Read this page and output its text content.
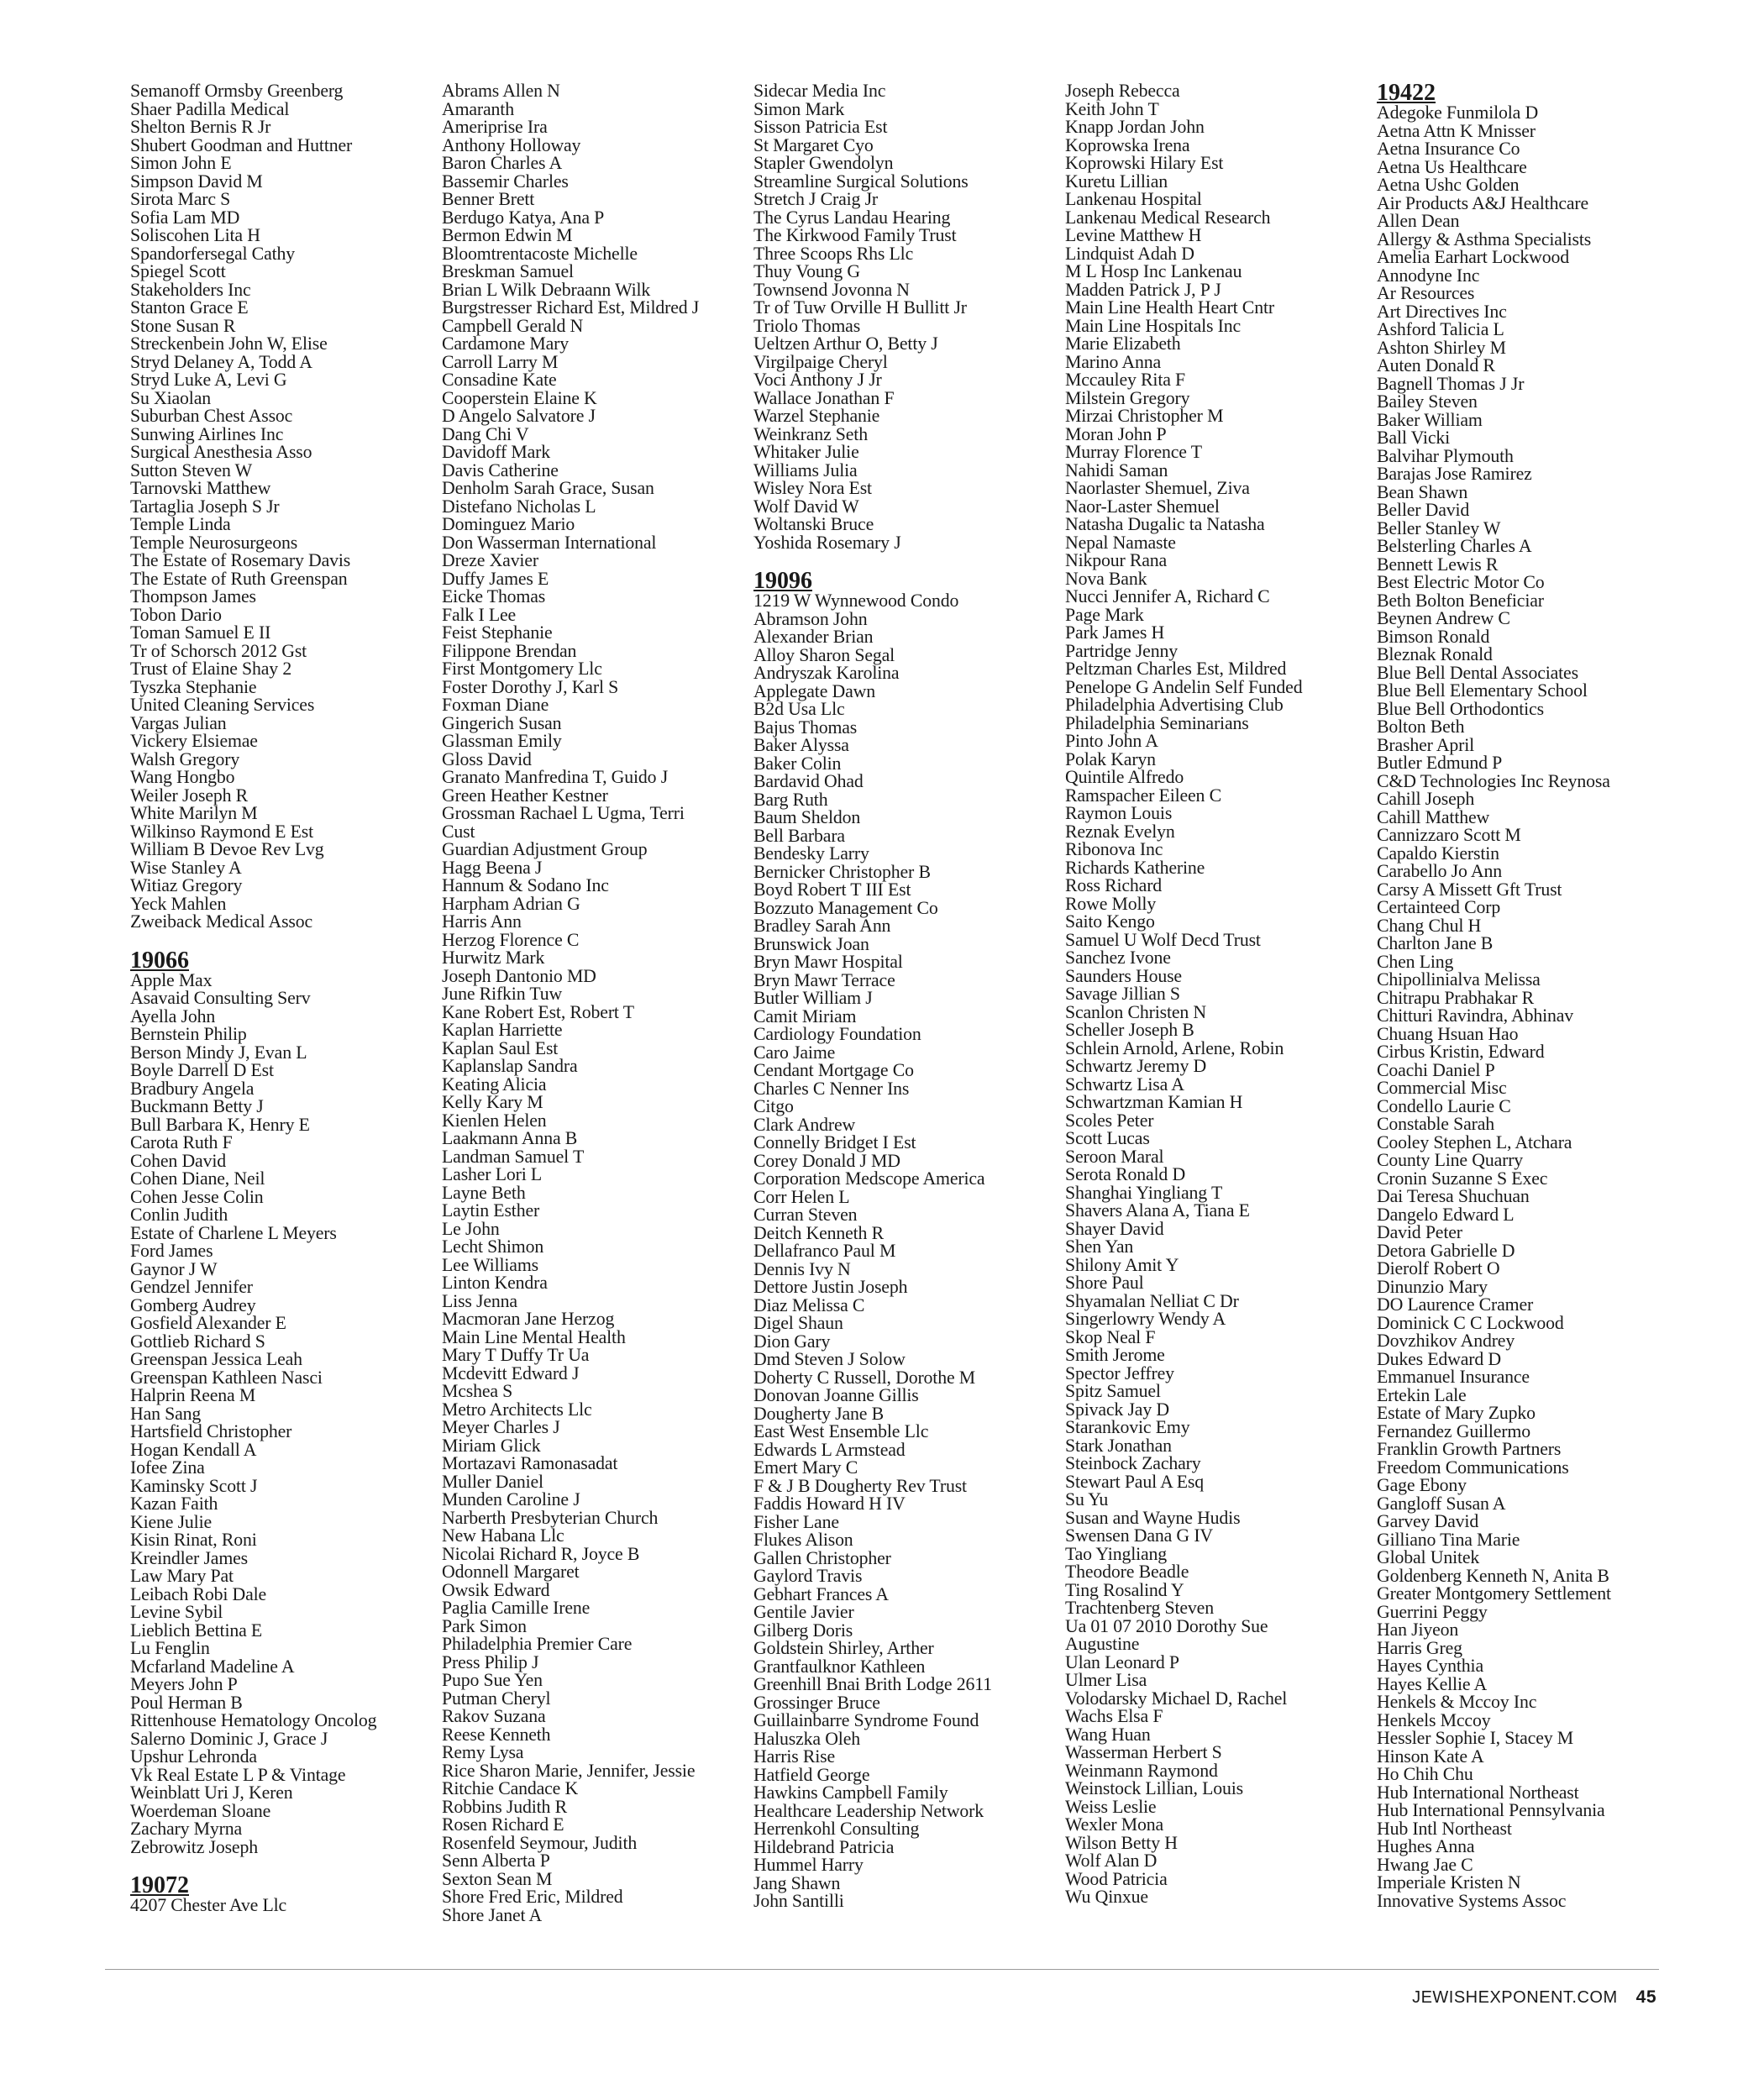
Semanoff Ormsby Greenberg
Shaer Padilla Medical
Shelton Bernis R Jr
Shubert Goodman and Huttner
Simon John E
Simpson David M
Sirota Marc S
Sofia Lam MD
Soliscohen Lita H
Spandorfersegal Cathy
Spiegel Scott
Stakeholders Inc
Stanton Grace E
Stone Susan R
Streckenbein John W, Elise
Stryd Delaney A, Todd A
Stryd Luke A, Levi G
Su Xiaolan
Suburban Chest Assoc
Sunwing Airlines Inc
Surgical Anesthesia Asso
Sutton Steven W
Tarnovski Matthew
Tartaglia Joseph S Jr
Temple Linda
Temple Neurosurgeons
The Estate of Rosemary Davis
The Estate of Ruth Greenspan
Thompson James
Tobon Dario
Toman Samuel E II
Tr of Schorsch 2012 Gst
Trust of Elaine Shay 2
Tyszka Stephanie
United Cleaning Services
Vargas Julian
Vickery Elsiemae
Walsh Gregory
Wang Hongbo
Weiler Joseph R
White Marilyn M
Wilkinso Raymond E Est
William B Devoe Rev Lvg
Wise Stanley A
Witiaz Gregory
Yeck Mahlen
Zweiback Medical Assoc
19066
Apple Max
Asavaid Consulting Serv
Ayella John
Bernstein Philip
Berson Mindy J, Evan L
Boyle Darrell D Est
Bradbury Angela
Buckmann Betty J
Bull Barbara K, Henry E
Carota Ruth F
Cohen David
Cohen Diane, Neil
Cohen Jesse Colin
Conlin Judith
Estate of Charlene L Meyers
Ford James
Gaynor J W
Gendzel Jennifer
Gomberg Audrey
Gosfield Alexander E
Gottlieb Richard S
Greenspan Jessica Leah
Greenspan Kathleen Nasci
Halprin Reena M
Han Sang
Hartsfield Christopher
Hogan Kendall A
Iofee Zina
Kaminsky Scott J
Kazan Faith
Kiene Julie
Kisin Rinat, Roni
Kreindler James
Law Mary Pat
Leibach Robi Dale
Levine Sybil
Lieblich Bettina E
Lu Fenglin
Mcfarland Madeline A
Meyers John P
Poul Herman B
Rittenhouse Hematology Oncolog
Salerno Dominic J, Grace J
Upshur Lehronda
Vk Real Estate L P & Vintage
Weinblatt Uri J, Keren
Woerdeman Sloane
Zachary Myrna
Zebrowitz Joseph
19072
4207 Chester Ave Llc
Abrams Allen N
Amaranth
Ameriprise Ira
Anthony Holloway
Baron Charles A
Bassemir Charles
Benner Brett
Berdugo Katya, Ana P
Bermon Edwin M
Bloomtrentacoste Michelle
Breskman Samuel
Brian L Wilk Debraann Wilk
Burgstresser Richard Est, Mildred J
Campbell Gerald N
Cardamone Mary
Carroll Larry M
Consadine Kate
Cooperstein Elaine K
D Angelo Salvatore J
Dang Chi V
Davidoff Mark
Davis Catherine
Denholm Sarah Grace, Susan
Distefano Nicholas L
Dominguez Mario
Don Wasserman International
Dreze Xavier
Duffy James E
Eicke Thomas
Falk I Lee
Feist Stephanie
Filippone Brendan
First Montgomery Llc
Foster Dorothy J, Karl S
Foxman Diane
Gingerich Susan
Glassman Emily
Gloss David
Granato Manfredina T, Guido J
Green Heather Kestner
Grossman Rachael L Ugma, Terri
Cust
Guardian Adjustment Group
Hagg Beena J
Hannum & Sodano Inc
Harpham Adrian G
Harris Ann
Herzog Florence C
Hurwitz Mark
Joseph Dantonio MD
June Rifkin Tuw
Kane Robert Est, Robert T
Kaplan Harriette
Kaplan Saul Est
Kaplanslap Sandra
Keating Alicia
Kelly Kary M
Kienlen Helen
Laakmann Anna B
Landman Samuel T
Lasher Lori L
Layne Beth
Laytin Esther
Le John
Lecht Shimon
Lee Williams
Linton Kendra
Liss Jenna
Macmoran Jane Herzog
Main Line Mental Health
Mary T Duffy Tr Ua
Mcdevitt Edward J
Mcshea S
Metro Architects Llc
Meyer Charles J
Miriam Glick
Mortazavi Ramonasadat
Muller Daniel
Munden Caroline J
Narberth Presbyterian Church
New Habana Llc
Nicolai Richard R, Joyce B
Odonnell Margaret
Owsik Edward
Paglia Camille Irene
Park Simon
Philadelphia Premier Care
Press Philip J
Pupo Sue Yen
Putman Cheryl
Rakov Suzana
Reese Kenneth
Remy Lysa
Rice Sharon Marie, Jennifer, Jessie
Ritchie Candace K
Robbins Judith R
Rosen Richard E
Rosenfeld Seymour, Judith
Senn Alberta P
Sexton Sean M
Shore Fred Eric, Mildred
Shore Janet A
Sidecar Media Inc
Simon Mark
Sisson Patricia Est
St Margaret Cyo
Stapler Gwendolyn
Streamline Surgical Solutions
Stretch J Craig Jr
The Cyrus Landau Hearing
The Kirkwood Family Trust
Three Scoops Rhs Llc
Thuy Voung G
Townsend Jovonna N
Tr of Tuw Orville H Bullitt Jr
Triolo Thomas
Ueltzen Arthur O, Betty J
Virgilpaige Cheryl
Voci Anthony J Jr
Wallace Jonathan F
Warzel Stephanie
Weinkranz Seth
Whitaker Julie
Williams Julia
Wisley Nora Est
Wolf David W
Woltanski Bruce
Yoshida Rosemary J
19096
1219 W Wynnewood Condo
Abramson John
Alexander Brian
Alloy Sharon Segal
Andryszak Karolina
Applegate Dawn
B2d Usa Llc
Bajus Thomas
Baker Alyssa
Baker Colin
Bardavid Ohad
Barg Ruth
Baum Sheldon
Bell Barbara
Bendesky Larry
Bernicker Christopher B
Boyd Robert T III Est
Bozzuto Management Co
Bradley Sarah Ann
Brunswick Joan
Bryn Mawr Hospital
Bryn Mawr Terrace
Butler William J
Camit Miriam
Cardiology Foundation
Caro Jaime
Cendant Mortgage Co
Charles C Nenner Ins
Citgo
Clark Andrew
Connelly Bridget I Est
Corey Donald J MD
Corporation Medscope America
Corr Helen L
Curran Steven
Deitch Kenneth R
Dellafranco Paul M
Dennis Ivy N
Dettore Justin Joseph
Diaz Melissa C
Digel Shaun
Dion Gary
Dmd Steven J Solow
Doherty C Russell, Dorothe M
Donovan Joanne Gillis
Dougherty Jane B
East West Ensemble Llc
Edwards L Armstead
Emert Mary C
F & J B Dougherty Rev Trust
Faddis Howard H IV
Fisher Lane
Flukes Alison
Gallen Christopher
Gaylord Travis
Gebhart Frances A
Gentile Javier
Gilberg Doris
Goldstein Shirley, Arther
Grantfaulknor Kathleen
Greenhill Bnai Brith Lodge 2611
Grossinger Bruce
Guillainbarre Syndrome Found
Haluszka Oleh
Harris Rise
Hatfield George
Hawkins Campbell Family
Healthcare Leadership Network
Herrenkohl Consulting
Hildebrand Patricia
Hummel Harry
Jang Shawn
John Santilli
Joseph Rebecca
Keith John T
Knapp Jordan John
Koprowska Irena
Koprowski Hilary Est
Kuretu Lillian
Lankenau Hospital
Lankenau Medical Research
Levine Matthew H
Lindquist Adah D
M L Hosp Inc Lankenau
Madden Patrick J, P J
Main Line Health Heart Cntr
Main Line Hospitals Inc
Marie Elizabeth
Marino Anna
Mccauley Rita F
Milstein Gregory
Mirzai Christopher M
Moran John P
Murray Florence T
Nahidi Saman
Naorlaster Shemuel, Ziva
Naor-Laster Shemuel
Natasha Dugalic ta Natasha
Nepal Namaste
Nikpour Rana
Nova Bank
Nucci Jennifer A, Richard C
Page Mark
Park James H
Partridge Jenny
Peltzman Charles Est, Mildred
Penelope G Andelin Self Funded
Philadelphia Advertising Club
Philadelphia Seminarians
Pinto John A
Polak Karyn
Quintile Alfredo
Ramspacher Eileen C
Raymon Louis
Reznak Evelyn
Ribonova Inc
Richards Katherine
Ross Richard
Rowe Molly
Saito Kengo
Samuel U Wolf Decd Trust
Sanchez Ivone
Saunders House
Savage Jillian S
Scanlon Christen N
Scheller Joseph B
Schlein Arnold, Arlene, Robin
Schwartz Jeremy D
Schwartz Lisa A
Schwartzman Kamian H
Scoles Peter
Scott Lucas
Seroon Maral
Serota Ronald D
Shanghai Yingliang T
Shavers Alana A, Tiana E
Shayer David
Shen Yan
Shilony Amit Y
Shore Paul
Shyamalan Nelliat C Dr
Singerlowry Wendy A
Skop Neal F
Smith Jerome
Spector Jeffrey
Spitz Samuel
Spivack Jay D
Starankovic Emy
Stark Jonathan
Steinbock Zachary
Stewart Paul A Esq
Su Yu
Susan and Wayne Hudis
Swensen Dana G IV
Tao Yingliang
Theodore Beadle
Ting Rosalind Y
Trachtenberg Steven
Ua 01 07 2010 Dorothy Sue
Augustine
Ulan Leonard P
Ulmer Lisa
Volodarsky Michael D, Rachel
Wachs Elsa F
Wang Huan
Wasserman Herbert S
Weinmann Raymond
Weinstock Lillian, Louis
Weiss Leslie
Wexler Mona
Wilson Betty H
Wolf Alan D
Wood Patricia
Wu Qinxue
19422
Adegoke Funmilola D
Aetna Attn K Mnisser
Aetna Insurance Co
Aetna Us Healthcare
Aetna Ushc Golden
Air Products A&J Healthcare
Allen Dean
Allergy & Asthma Specialists
Amelia Earhart Lockwood
Annodyne Inc
Ar Resources
Art Directives Inc
Ashford Talicia L
Ashton Shirley M
Auten Donald R
Bagnell Thomas J Jr
Bailey Steven
Baker William
Ball Vicki
Balvihar Plymouth
Barajas Jose Ramirez
Bean Shawn
Beller David
Beller Stanley W
Belsterling Charles A
Bennett Lewis R
Best Electric Motor Co
Beth Bolton Beneficiar
Beynen Andrew C
Bimson Ronald
Bleznak Ronald
Blue Bell Dental Associates
Blue Bell Elementary School
Blue Bell Orthodontics
Bolton Beth
Brasher April
Butler Edmund P
C&D Technologies Inc Reynosa
Cahill Joseph
Cahill Matthew
Cannizzaro Scott M
Capaldo Kierstin
Carabello Jo Ann
Carsy A Missett Gft Trust
Certainteed Corp
Chang Chul H
Charlton Jane B
Chen Ling
Chipollinialva Melissa
Chitrapu Prabhakar R
Chitturi Ravindra, Abhinav
Chuang Hsuan Hao
Cirbus Kristin, Edward
Coachi Daniel P
Commercial Misc
Condello Laurie C
Constable Sarah
Cooley Stephen L, Atchara
County Line Quarry
Cronin Suzanne S Exec
Dai Teresa Shuchuan
Dangelo Edward L
David Peter
Detora Gabrielle D
Dierolf Robert O
Dinunzio Mary
DO Laurence Cramer
Dominick C C Lockwood
Dovzhikov Andrey
Dukes Edward D
Emmanuel Insurance
Ertekin Lale
Estate of Mary Zupko
Fernandez Guillermo
Franklin Growth Partners
Freedom Communications
Gage Ebony
Gangloff Susan A
Garvey David
Gilliano Tina Marie
Global Unitek
Goldenberg Kenneth N, Anita B
Greater Montgomery Settlement
Guerrini Peggy
Han Jiyeon
Harris Greg
Hayes Cynthia
Hayes Kellie A
Henkels & Mccoy Inc
Henkels Mccoy
Hessler Sophie I, Stacey M
Hinson Kate A
Ho Chih Chu
Hub International Northeast
Hub International Pennsylvania
Hub Intl Northeast
Hughes Anna
Hwang Jae C
Imperiale Kristen N
Innovative Systems Assoc
JEWISHEXPONENT.COM 45
